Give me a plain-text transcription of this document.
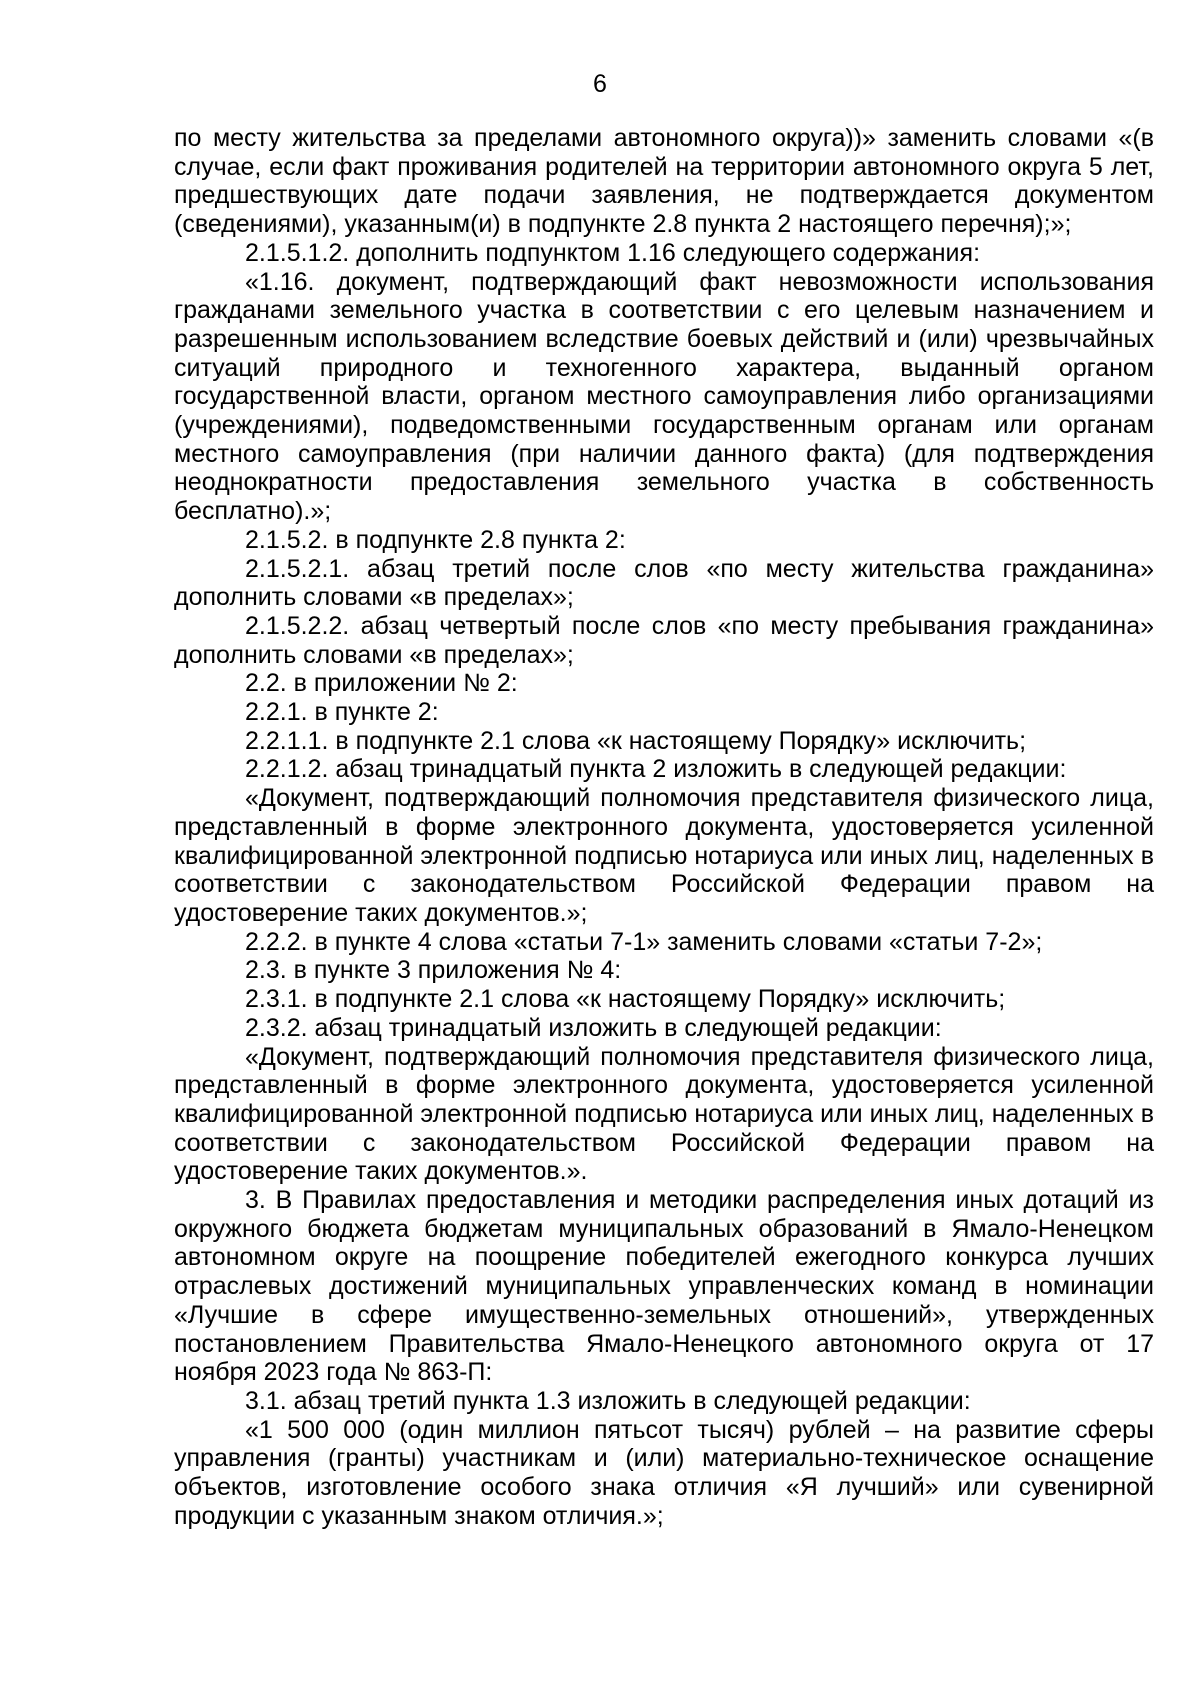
6

по месту жительства за пределами автономного округа))» заменить словами «(в случае, если факт проживания родителей на территории автономного округа 5 лет, предшествующих дате подачи заявления, не подтверждается документом (сведениями), указанным(и) в подпункте 2.8 пункта 2 настоящего перечня);»;

2.1.5.1.2. дополнить подпунктом 1.16 следующего содержания:

«1.16. документ, подтверждающий факт невозможности использования гражданами земельного участка в соответствии с его целевым назначением и разрешенным использованием вследствие боевых действий и (или) чрезвычайных ситуаций природного и техногенного характера, выданный органом государственной власти, органом местного самоуправления либо организациями (учреждениями), подведомственными государственным органам или органам местного самоуправления (при наличии данного факта) (для подтверждения неоднократности предоставления земельного участка в собственность бесплатно).»;

2.1.5.2. в подпункте 2.8 пункта 2:

2.1.5.2.1. абзац третий после слов «по месту жительства гражданина» дополнить словами «в пределах»;

2.1.5.2.2. абзац четвертый после слов «по месту пребывания гражданина» дополнить словами «в пределах»;

2.2. в приложении № 2:

2.2.1. в пункте 2:

2.2.1.1. в подпункте 2.1 слова «к настоящему Порядку» исключить;

2.2.1.2. абзац тринадцатый пункта 2 изложить в следующей редакции:

«Документ, подтверждающий полномочия представителя физического лица, представленный в форме электронного документа, удостоверяется усиленной квалифицированной электронной подписью нотариуса или иных лиц, наделенных в соответствии с законодательством Российской Федерации правом на удостоверение таких документов.»;

2.2.2. в пункте 4 слова «статьи 7-1» заменить словами «статьи 7-2»;

2.3. в пункте 3 приложения № 4:

2.3.1. в подпункте 2.1 слова «к настоящему Порядку» исключить;

2.3.2. абзац тринадцатый изложить в следующей редакции:

«Документ, подтверждающий полномочия представителя физического лица, представленный в форме электронного документа, удостоверяется усиленной квалифицированной электронной подписью нотариуса или иных лиц, наделенных в соответствии с законодательством Российской Федерации правом на удостоверение таких документов.».

3. В Правилах предоставления и методики распределения иных дотаций из окружного бюджета бюджетам муниципальных образований в Ямало-Ненецком автономном округе на поощрение победителей ежегодного конкурса лучших отраслевых достижений муниципальных управленческих команд в номинации «Лучшие в сфере имущественно-земельных отношений», утвержденных постановлением Правительства Ямало-Ненецкого автономного округа от 17 ноября 2023 года № 863-П:

3.1. абзац третий пункта 1.3 изложить в следующей редакции:

«1 500 000 (один миллион пятьсот тысяч) рублей – на развитие сферы управления (гранты) участникам и (или) материально-техническое оснащение объектов, изготовление особого знака отличия «Я лучший» или сувенирной продукции с указанным знаком отличия.»;
